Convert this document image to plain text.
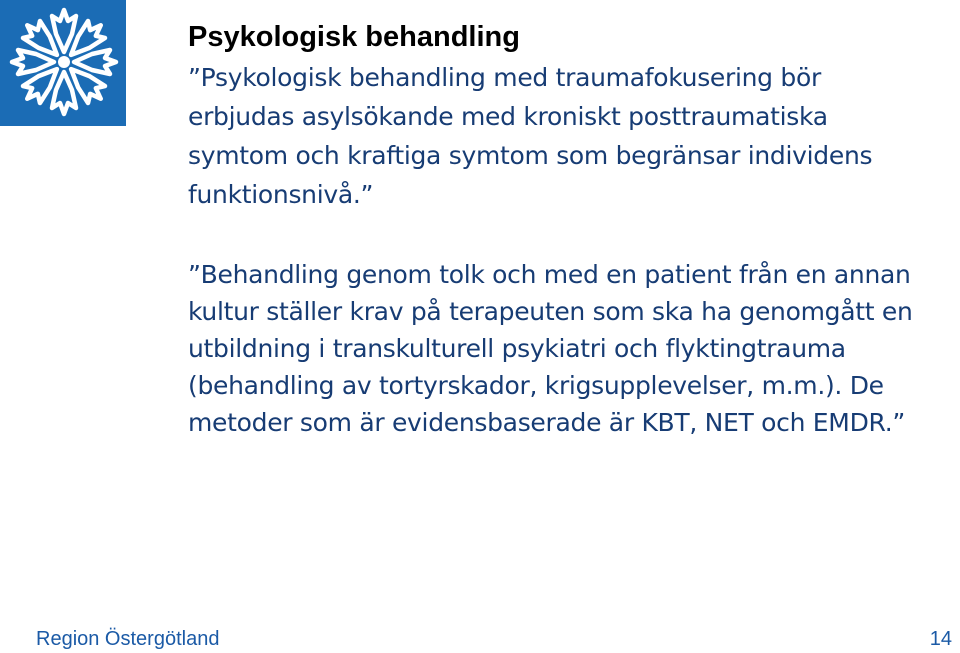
Psykologisk behandling

”Psykologisk behandling med traumafokusering bör erbjudas asylsökande med kroniskt posttraumatiska symtom och kraftiga symtom som begränsar individens funktionsnivå.”

”Behandling genom tolk och med en patient från en annan kultur ställer krav på terapeuten som ska ha genomgått en utbildning i transkulturell psykiatri och flyktingtrauma (behandling av tortyrskador, krigsupplevelser, m.m.). De metoder som är evidensbaserade är KBT, NET och EMDR.”

Region Östergötland	14
